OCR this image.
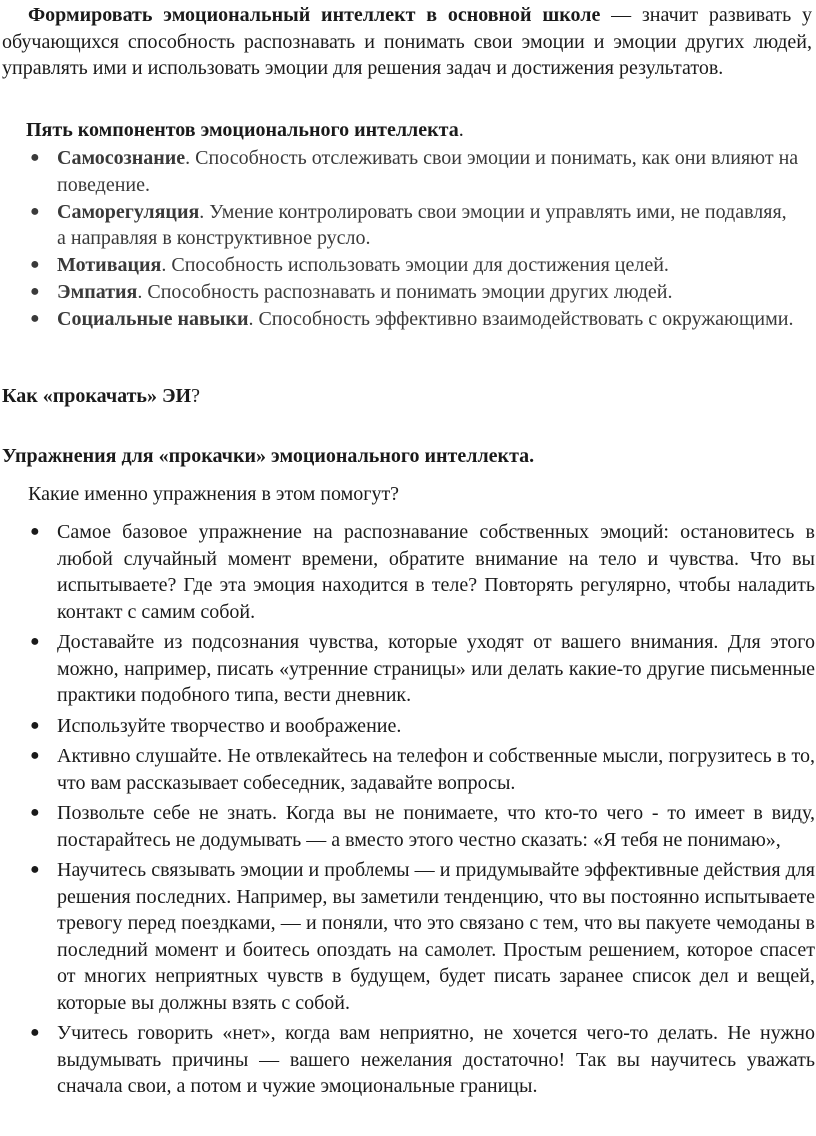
Формировать эмоциональный интеллект в основной школе — значит развивать у обучающихся способность распознавать и понимать свои эмоции и эмоции других людей, управлять ими и использовать эмоции для решения задач и достижения результатов.

Пять компонентов эмоционального интеллекта.

● Самосознание. Способность отслеживать свои эмоции и понимать, как они влияют на поведение.

● Саморегуляция. Умение контролировать свои эмоции и управлять ими, не подавляя, а направляя в конструктивное русло.

● Мотивация. Способность использовать эмоции для достижения целей.

● Эмпатия. Способность распознавать и понимать эмоции других людей.

● Социальные навыки. Способность эффективно взаимодействовать с окружающими.

Как «прокачать» ЭИ?

Упражнения для «прокачки» эмоционального интеллекта.

Какие именно упражнения в этом помогут?

● Самое базовое упражнение на распознавание собственных эмоций: остановитесь в любой случайный момент времени, обратите внимание на тело и чувства. Что вы испытываете? Где эта эмоция находится в теле? Повторять регулярно, чтобы наладить контакт с самим собой.

● Доставайте из подсознания чувства, которые уходят от вашего внимания. Для этого можно, например, писать «утренние страницы» или делать какие-то другие письменные практики подобного типа, вести дневник.

● Используйте творчество и воображение.

● Активно слушайте. Не отвлекайтесь на телефон и собственные мысли, погрузитесь в то, что вам рассказывает собеседник, задавайте вопросы.

● Позвольте себе не знать. Когда вы не понимаете, что кто-то чего - то имеет в виду, постарайтесь не додумывать — а вместо этого честно сказать: «Я тебя не понимаю»,

● Научитесь связывать эмоции и проблемы — и придумывайте эффективные действия для решения последних. Например, вы заметили тенденцию, что вы постоянно испытываете тревогу перед поездками, — и поняли, что это связано с тем, что вы пакуете чемоданы в последний момент и боитесь опоздать на самолет. Простым решением, которое спасет от многих неприятных чувств в будущем, будет писать заранее список дел и вещей, которые вы должны взять с собой.

● Учитесь говорить «нет», когда вам неприятно, не хочется чего-то делать. Не нужно выдумывать причины — вашего нежелания достаточно! Так вы научитесь уважать сначала свои, а потом и чужие эмоциональные границы.
